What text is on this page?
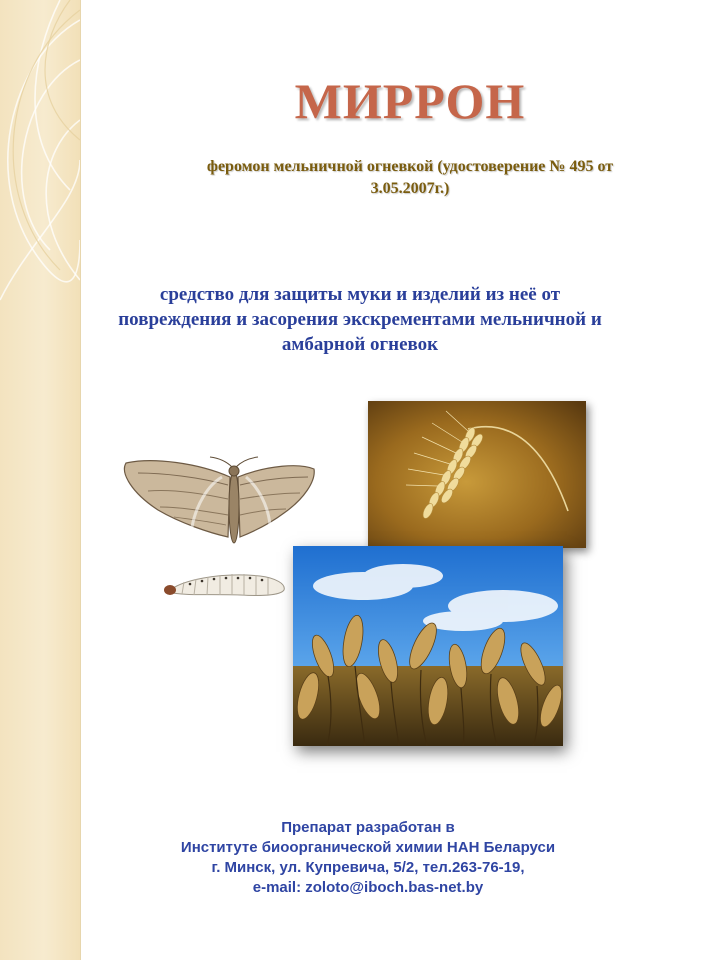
МИРРОН
феромон мельничной огневкой (удостоверение № 495 от
3.05.2007г.)
средство для защиты муки и изделий из неё от
повреждения и засорения экскрементами мельничной и
амбарной огневок
Препарат разработан в
Институте биоорганической химии НАН Беларуси
г. Минск, ул. Купревича, 5/2, тел.263-76-19,
e-mail: zoloto@iboch.bas-net.by
